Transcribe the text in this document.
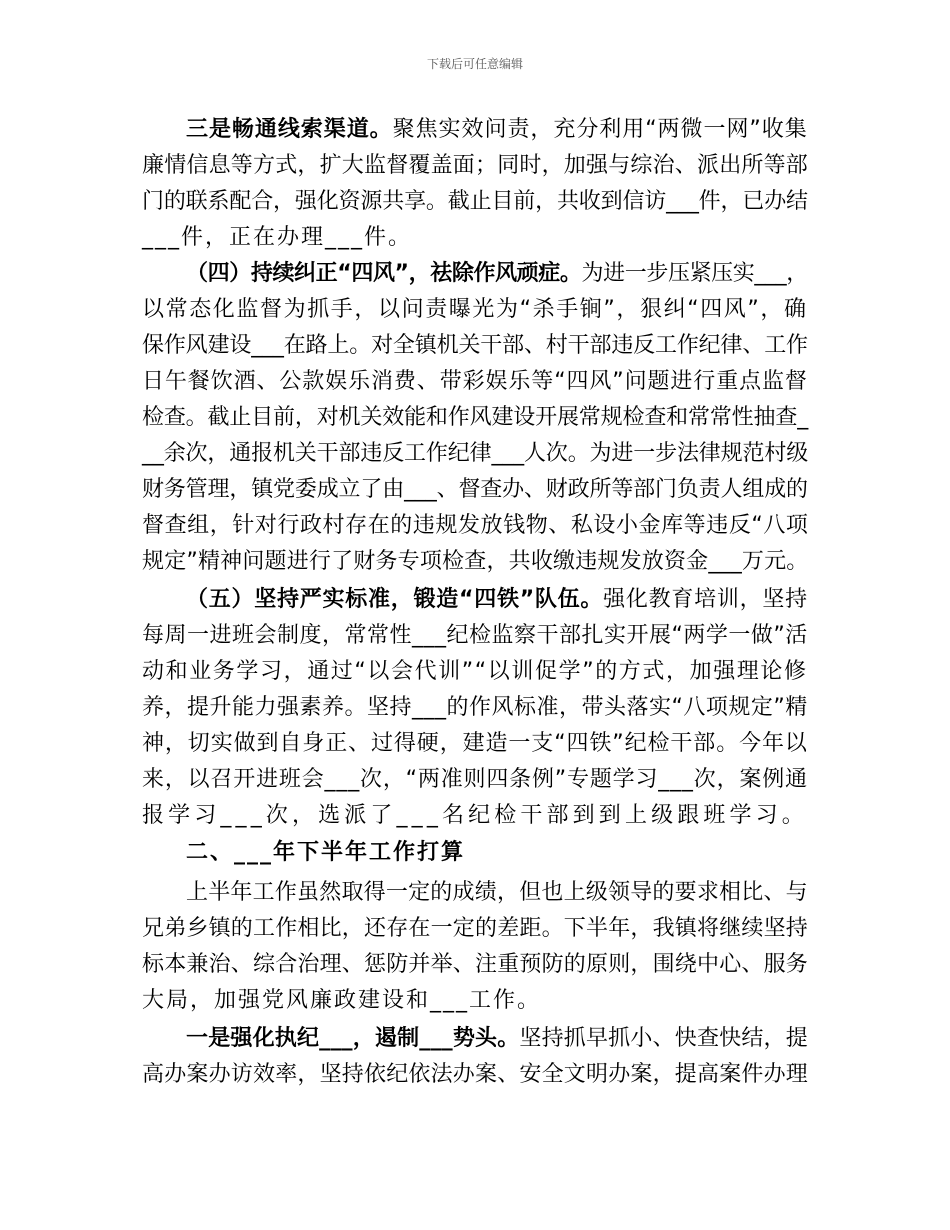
下载后可任意编辑
三是畅通线索渠道。聚焦实效问责，充分利用“两微一网”收集
廉情信息等方式，扩大监督覆盖面；同时，加强与综治、派出所等部
门的联系配合，强化资源共享。截止目前，共收到信访___件，已办结
___件，正在办理___件。
（四）持续纠正“四风”，祛除作风顽症。为进一步压紧压实___，
以常态化监督为抓手，以问责曝光为“杀手锏”，狠纠“四风”，确
保作风建设___在路上。对全镇机关干部、村干部违反工作纪律、工作
日午餐饮酒、公款娱乐消费、带彩娱乐等“四风”问题进行重点监督
检查。截止目前，对机关效能和作风建设开展常规检查和常常性抽查_
__余次，通报机关干部违反工作纪律___人次。为进一步法律规范村级
财务管理，镇党委成立了由___、督查办、财政所等部门负责人组成的
督查组，针对行政村存在的违规发放钱物、私设小金库等违反“八项
规定”精神问题进行了财务专项检查，共收缴违规发放资金___万元。
（五）坚持严实标准，锻造“四铁”队伍。强化教育培训，坚持
每周一进班会制度，常常性___纪检监察干部扎实开展“两学一做”活
动和业务学习，通过“以会代训”“以训促学”的方式，加强理论修
养，提升能力强素养。坚持___的作风标准，带头落实“八项规定”精
神，切实做到自身正、过得硬，建造一支“四铁”纪检干部。今年以
来，以召开进班会___次，“两准则四条例”专题学习___次，案例通
报学习___次，选派了___名纪检干部到到上级跟班学习。
二、___年下半年工作打算
上半年工作虽然取得一定的成绩，但也上级领导的要求相比、与
兄弟乡镇的工作相比，还存在一定的差距。下半年，我镇将继续坚持
标本兼治、综合治理、惩防并举、注重预防的原则，围绕中心、服务
大局，加强党风廉政建设和___工作。
一是强化执纪___，遏制___势头。坚持抓早抓小、快查快结，提
高办案办访效率，坚持依纪依法办案、安全文明办案，提高案件办理
